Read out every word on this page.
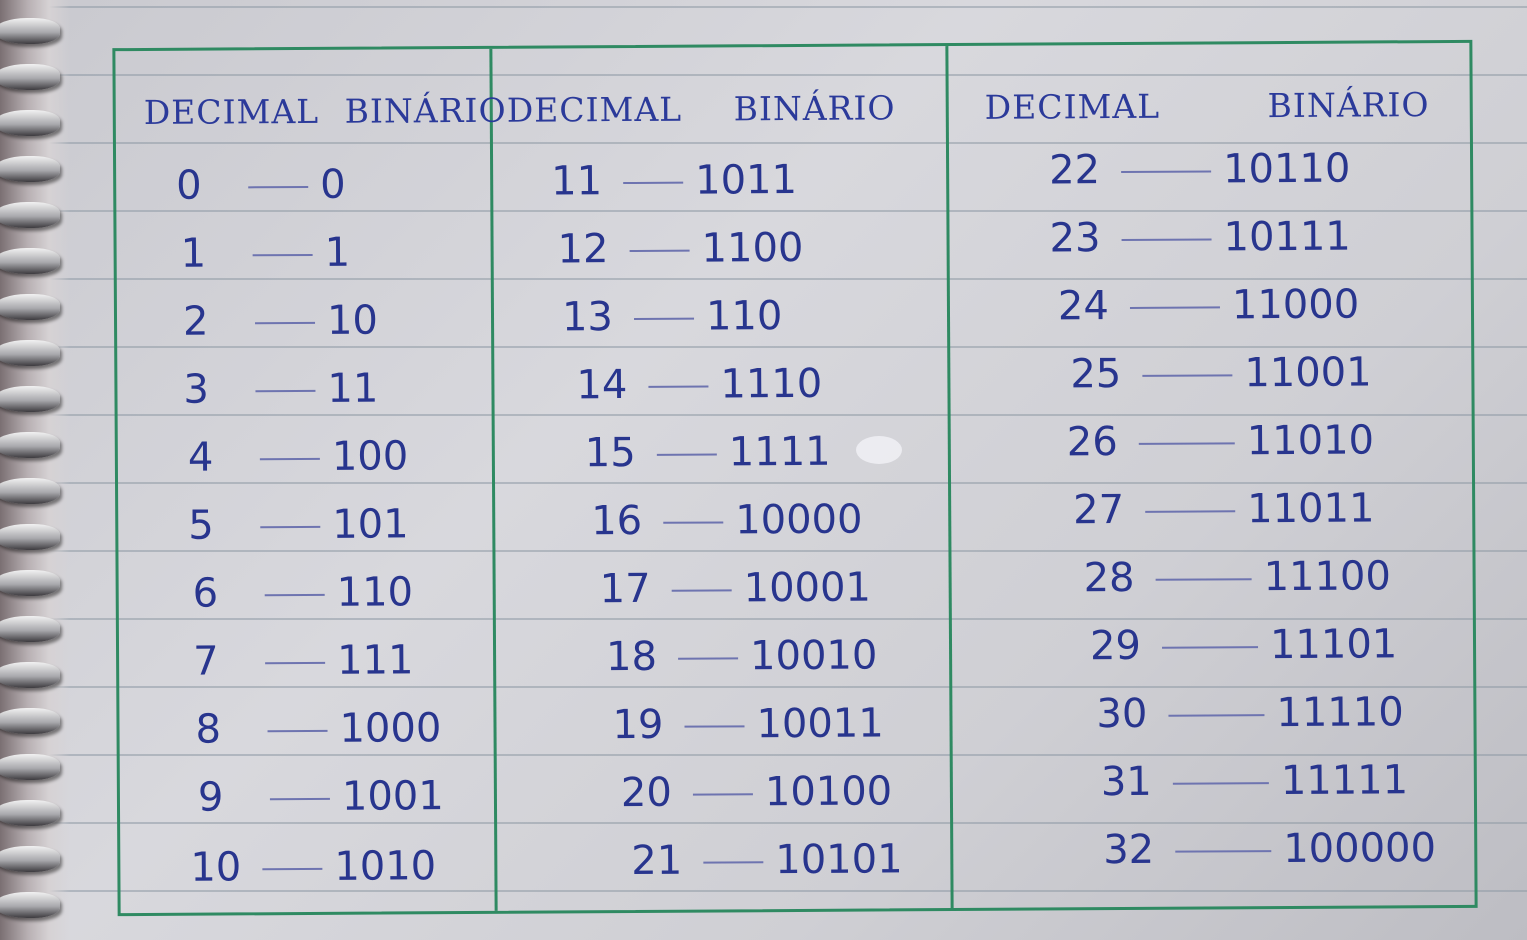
DECIMAL BINÁRIO
0	0
1	1
2	10
3	11
4	100
5	101
6	110
7	111
8	1000
9	1001
10 1010
DECIMAL BINÁRIO
11 1011
12 1100
13 110
14 1110
15 1111
16 10000
17 10001
18 10010
19 10011
20 10100
21 10101
DECIMAL	BINÁRIO
22	10110
23	10111
24	11000
25	11001
26	11010
27	11011
28	11100
29	11101
30	11110
31	11111
32	100000
